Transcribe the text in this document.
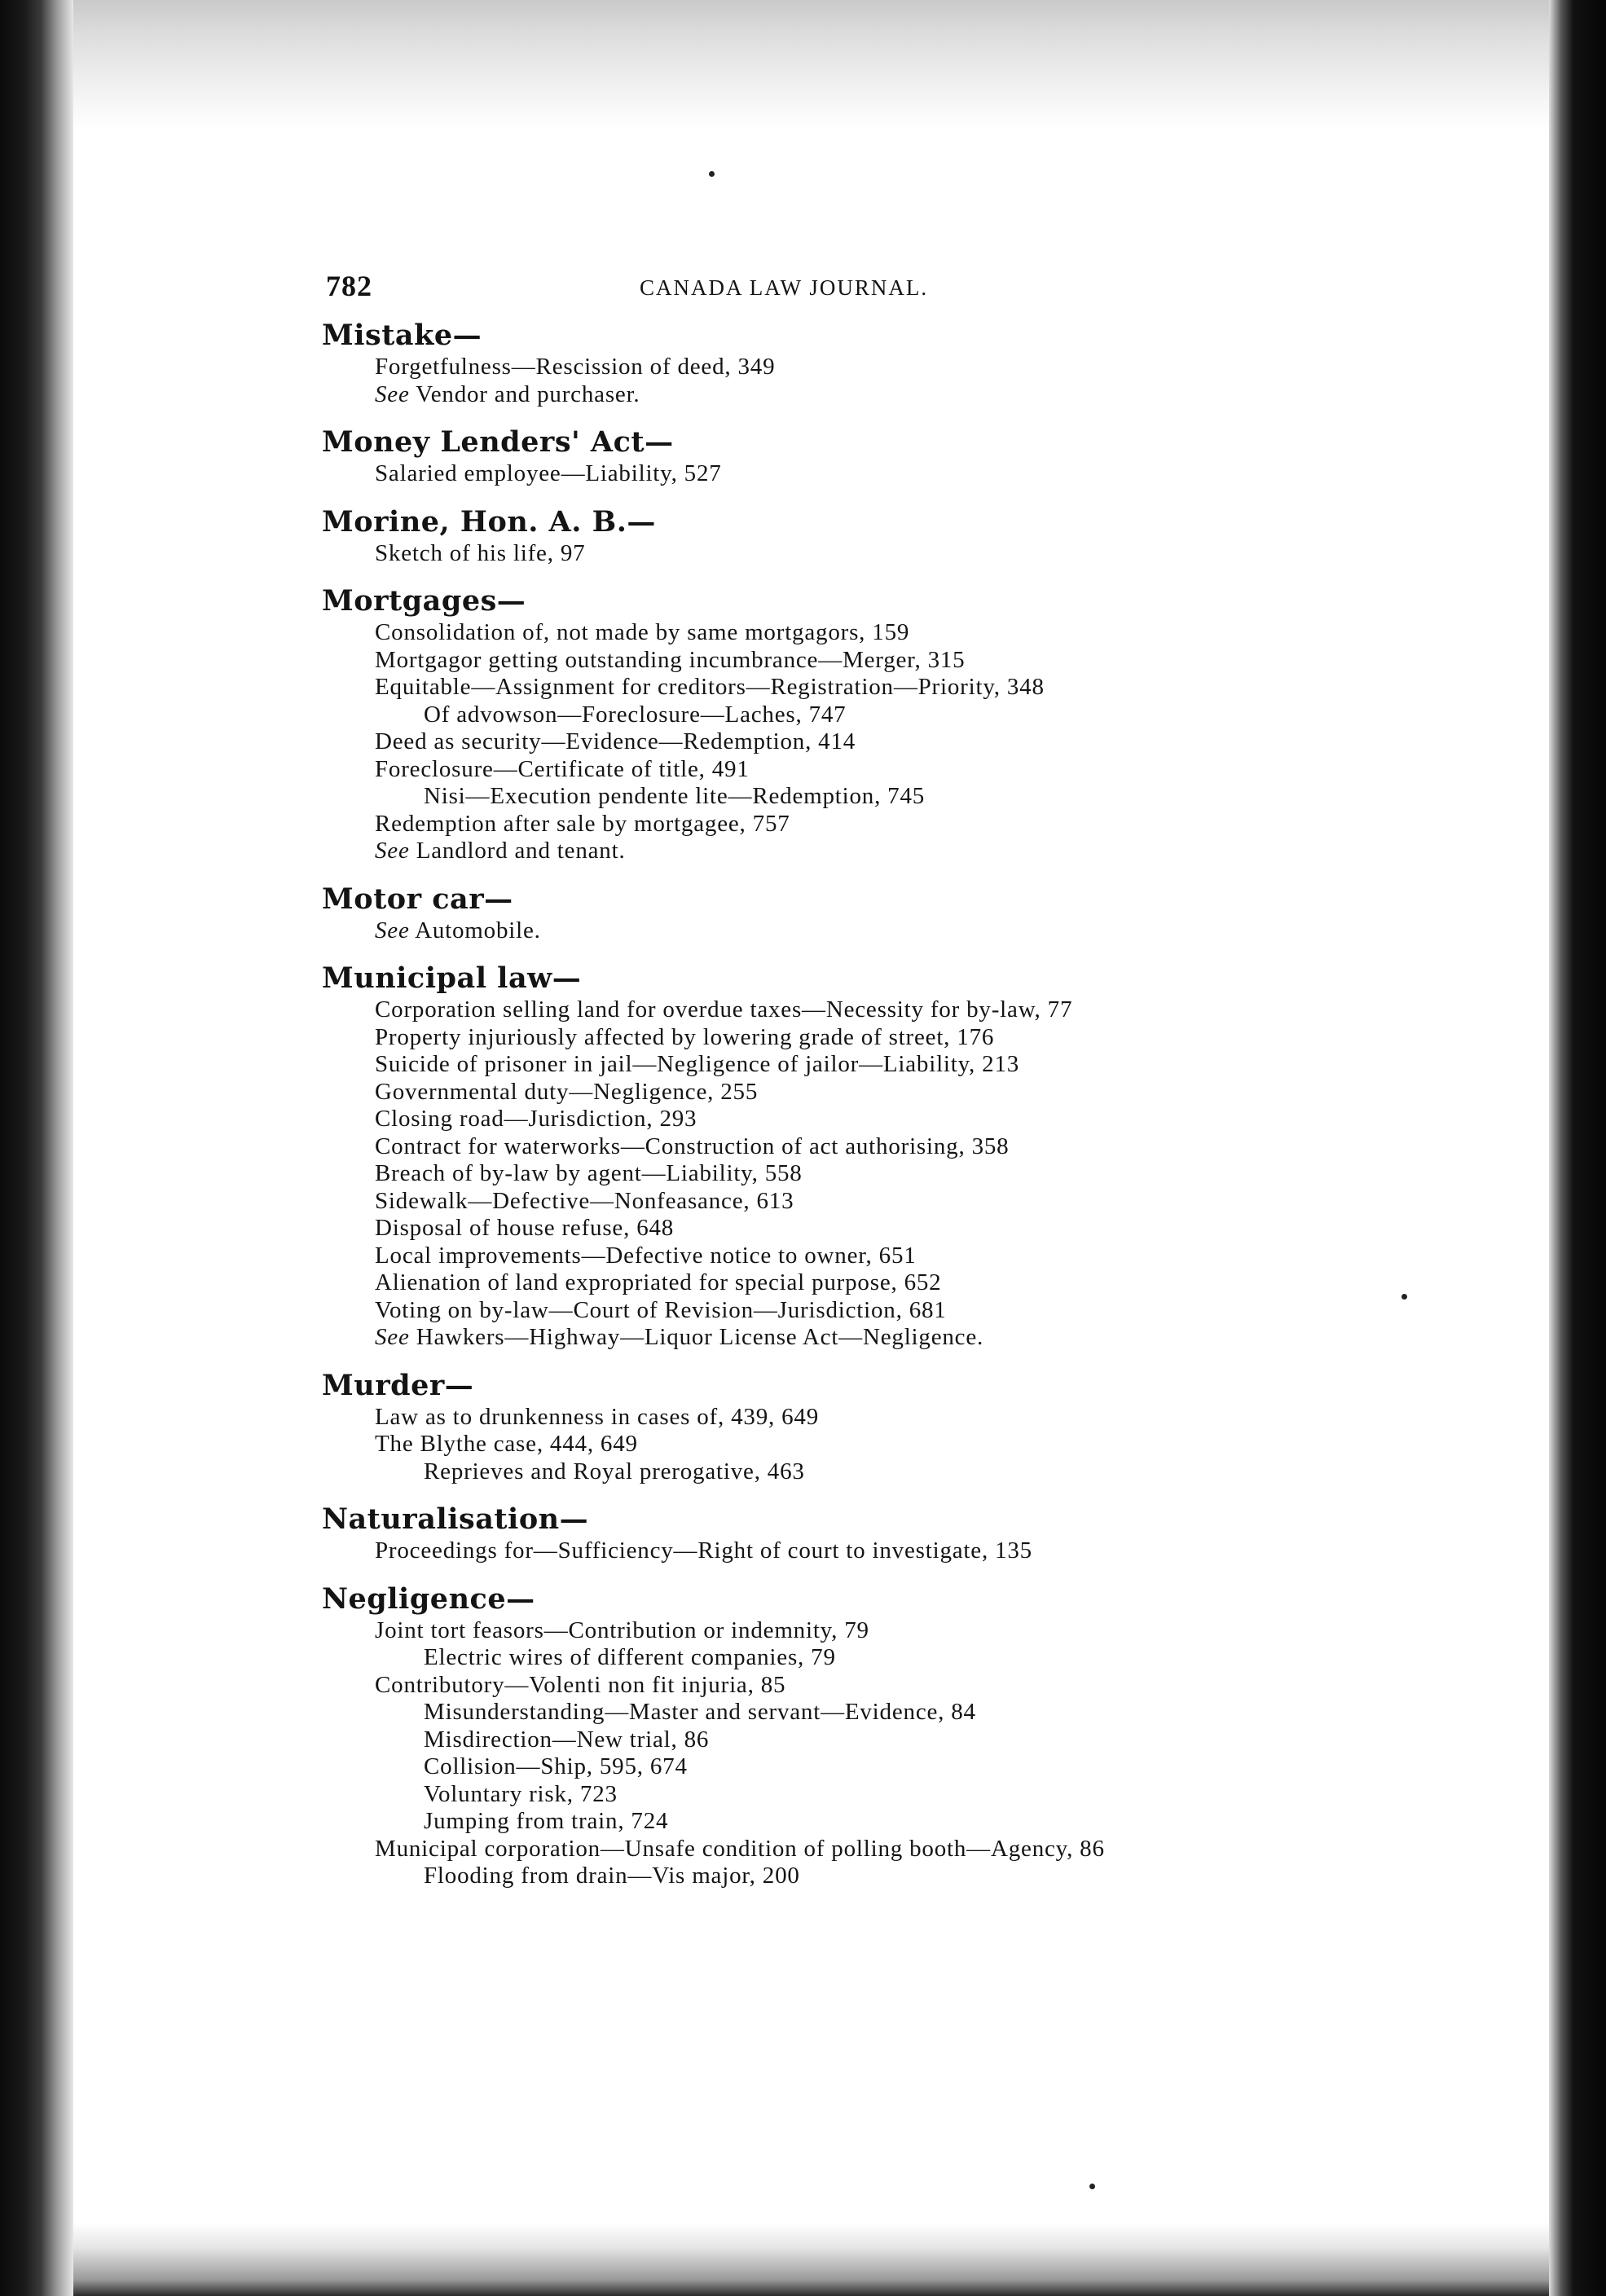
782	CANADA LAW JOURNAL.
Mistake—
Forgetfulness—Rescission of deed, 349
See Vendor and purchaser.
Money Lenders' Act—
Salaried employee—Liability, 527
Morine, Hon. A. B.—
Sketch of his life, 97
Mortgages—
Consolidation of, not made by same mortgagors, 159
Mortgagor getting outstanding incumbrance—Merger, 315
Equitable—Assignment for creditors—Registration—Priority, 348
Of advowson—Foreclosure—Laches, 747
Deed as security—Evidence—Redemption, 414
Foreclosure—Certificate of title, 491
Nisi—Execution pendente lite—Redemption, 745
Redemption after sale by mortgagee, 757
See Landlord and tenant.
Motor car—
See Automobile.
Municipal law—
Corporation selling land for overdue taxes—Necessity for by-law, 77
Property injuriously affected by lowering grade of street, 176
Suicide of prisoner in jail—Negligence of jailor—Liability, 213
Governmental duty—Negligence, 255
Closing road—Jurisdiction, 293
Contract for waterworks—Construction of act authorising, 358
Breach of by-law by agent—Liability, 558
Sidewalk—Defective—Nonfeasance, 613
Disposal of house refuse, 648
Local improvements—Defective notice to owner, 651
Alienation of land expropriated for special purpose, 652
Voting on by-law—Court of Revision—Jurisdiction, 681
See Hawkers—Highway—Liquor License Act—Negligence.
Murder—
Law as to drunkenness in cases of, 439, 649
The Blythe case, 444, 649
Reprieves and Royal prerogative, 463
Naturalisation—
Proceedings for—Sufficiency—Right of court to investigate, 135
Negligence—
Joint tort feasors—Contribution or indemnity, 79
Electric wires of different companies, 79
Contributory—Volenti non fit injuria, 85
Misunderstanding—Master and servant—Evidence, 84
Misdirection—New trial, 86
Collision—Ship, 595, 674
Voluntary risk, 723
Jumping from train, 724
Municipal corporation—Unsafe condition of polling booth—Agency, 86
Flooding from drain—Vis major, 200
